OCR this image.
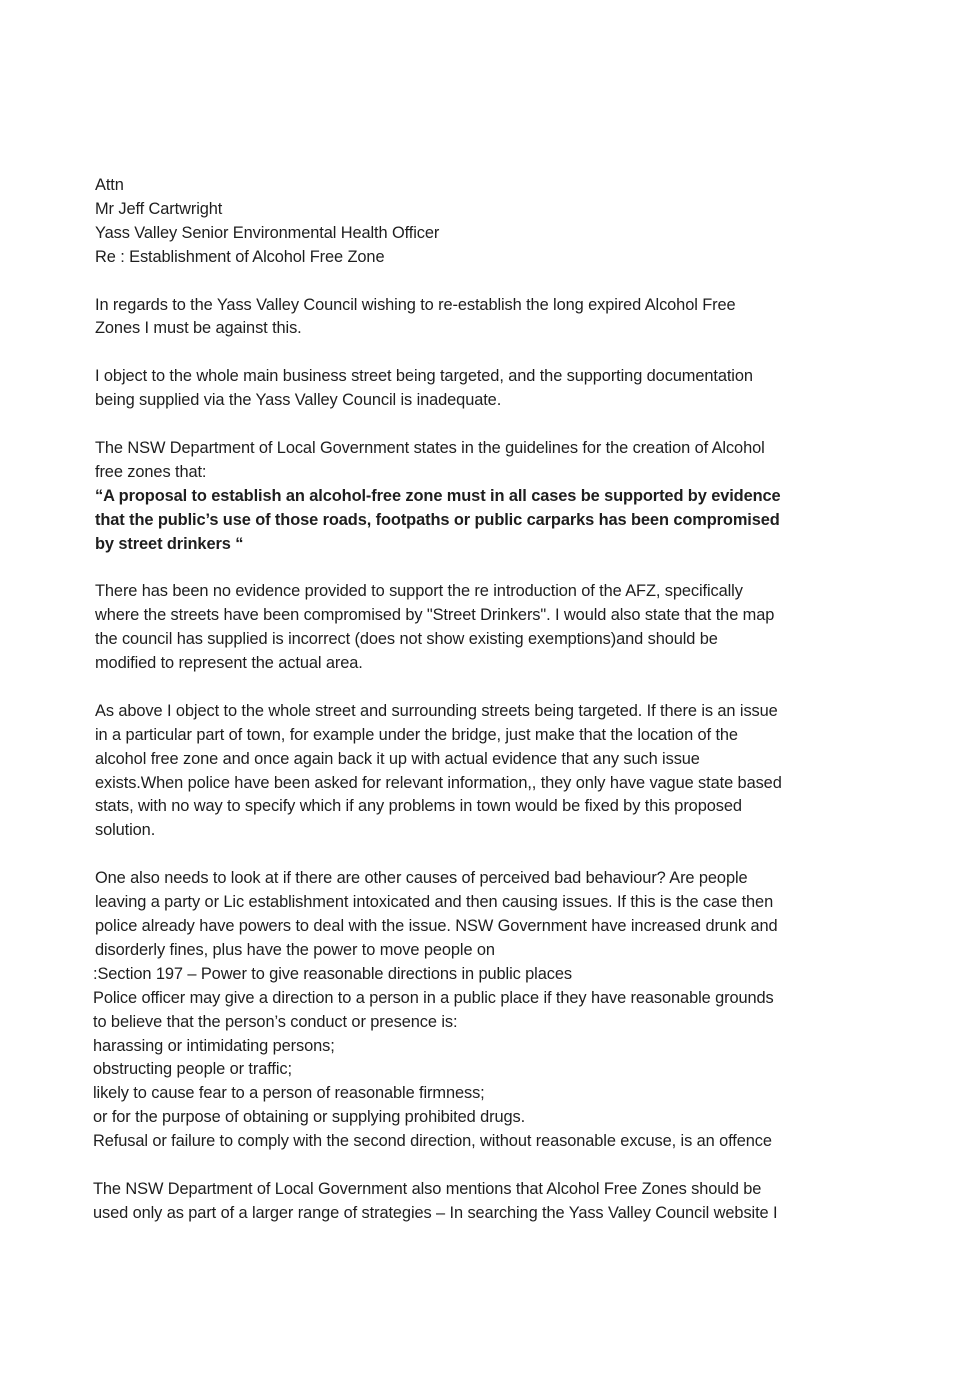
Attn
Mr Jeff Cartwright
Yass Valley Senior Environmental Health Officer
Re : Establishment of Alcohol Free Zone
In regards to the Yass Valley Council wishing to re-establish the long expired Alcohol Free
Zones I must be against this.
I object to the whole main business street being targeted, and the supporting documentation
being supplied via the Yass Valley Council is inadequate.
The NSW Department of Local Government states in the guidelines for the creation of Alcohol
free zones that:
“A proposal to establish an alcohol-free zone must in all cases be supported by evidence
that the public’s use of those roads, footpaths or public carparks has been compromised
by street drinkers “
There has been no evidence provided to support the re introduction of the AFZ, specifically
where the streets have been compromised by "Street Drinkers". I would also state that the map
the council has supplied is incorrect (does not show existing exemptions)and should be
modified to represent the actual area.
As above I object to the whole street and surrounding streets being targeted. If there is an issue
in a particular part of town, for example under the bridge, just make that the location of the
alcohol free zone and once again back it up with actual evidence that any such issue
exists.When police have been asked for relevant information,, they only have vague state based
stats, with no way to specify which if any problems in town would be fixed by this proposed
solution.
One also needs to look at if there are other causes of perceived bad behaviour? Are people
leaving a party or Lic establishment intoxicated and then causing issues. If this is the case then
police already have powers to deal with the issue. NSW Government have increased drunk and
disorderly fines, plus have the power to move people on
:Section 197 – Power to give reasonable directions in public places
Police officer may give a direction to a person in a public place if they have reasonable grounds
to believe that the person’s conduct or presence is:
harassing or intimidating persons;
obstructing people or traffic;
likely to cause fear to a person of reasonable firmness;
or for the purpose of obtaining or supplying prohibited drugs.
Refusal or failure to comply with the second direction, without reasonable excuse, is an offence
The NSW Department of Local Government also mentions that Alcohol Free Zones should be
used only as part of a larger range of strategies – In searching the Yass Valley Council website I
